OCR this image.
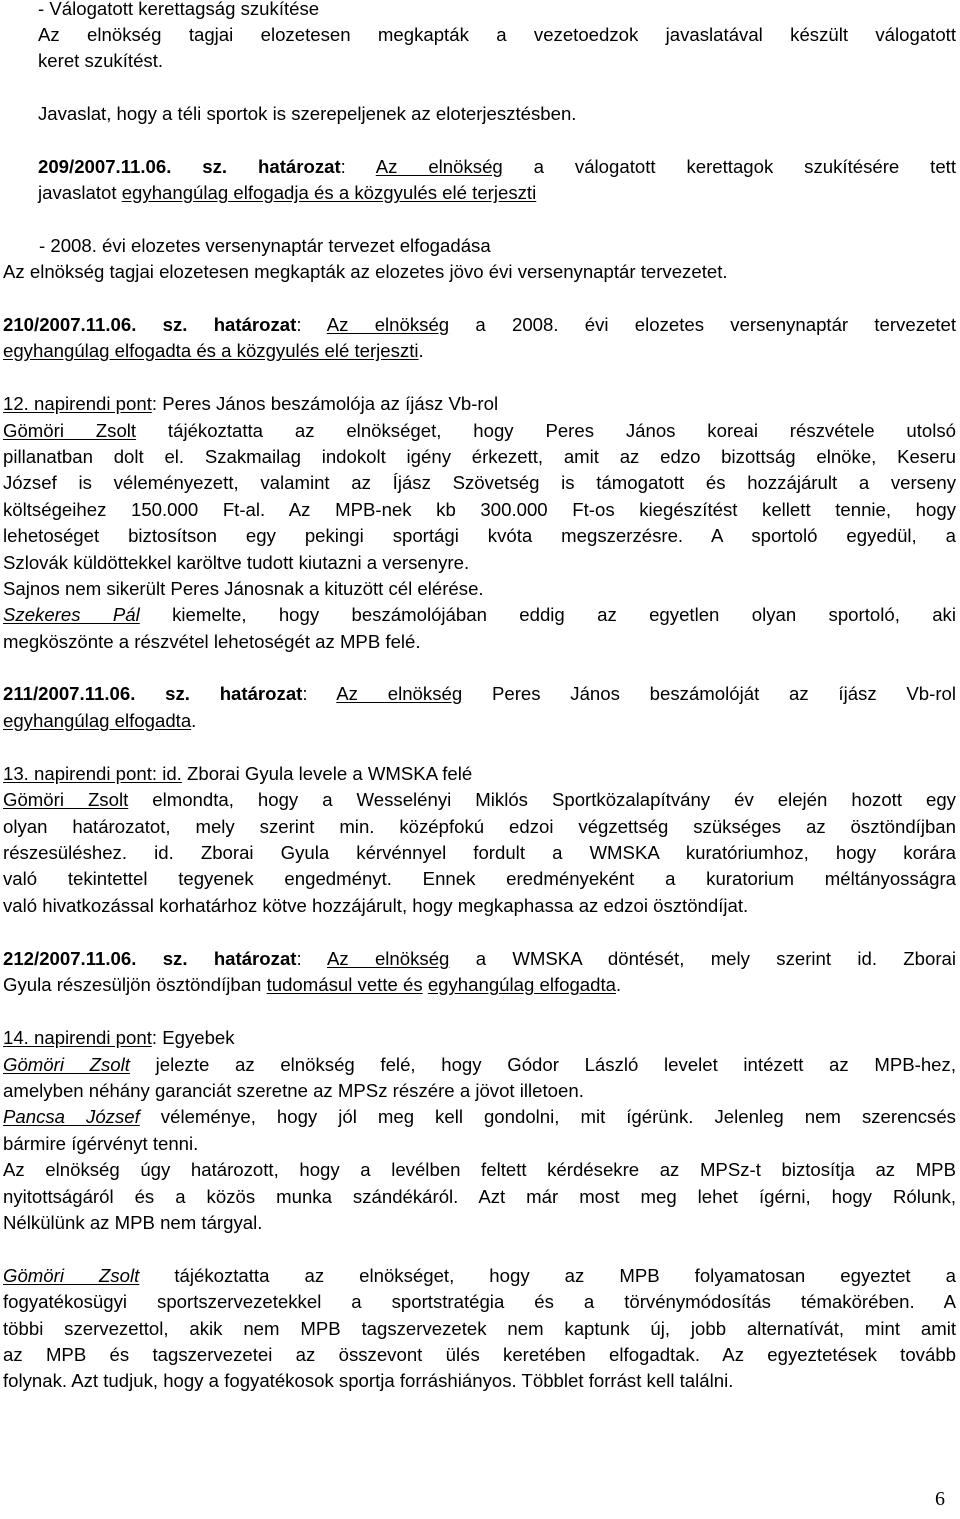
- Válogatott kerettagság szukítése
Az elnökség tagjai elozetesen megkapták a vezetoedzok javaslatával készült válogatott
keret szukítést.
Javaslat, hogy a téli sportok is szerepeljenek az eloterjesztésben.
209/2007.11.06. sz. határozat: Az elnökség a válogatott kerettagok szukítésére tett
javaslatot egyhangúlag elfogadja és a közgyulés elé terjeszti
- 2008. évi elozetes versenynaptár tervezet elfogadása
Az elnökség tagjai elozetesen megkapták az elozetes jövo évi versenynaptár tervezetet.
210/2007.11.06. sz. határozat: Az elnökség a 2008. évi elozetes versenynaptár tervezetet
egyhangúlag elfogadta és a közgyulés elé terjeszti.
12. napirendi pont: Peres János beszámolója az íjász Vb-rol
Gömöri Zsolt tájékoztatta az elnökséget, hogy Peres János koreai részvétele utolsó
pillanatban dolt el. Szakmailag indokolt igény érkezett, amit az edzo bizottság elnöke, Keseru
József is véleményezett, valamint az Íjász Szövetség is támogatott és hozzájárult a verseny
költségeihez 150.000 Ft-al. Az MPB-nek kb 300.000 Ft-os kiegészítést kellett tennie, hogy
lehetoséget biztosítson egy pekingi sportági kvóta megszerzésre. A sportoló egyedül, a
Szlovák küldöttekkel karöltve tudott kiutazni a versenyre.
Sajnos nem sikerült Peres Jánosnak a kituzött cél elérése.
Szekeres Pál kiemelte, hogy beszámolójában eddig az egyetlen olyan sportoló, aki
megköszönte a részvétel lehetoségét az MPB felé.
211/2007.11.06. sz. határozat: Az elnökség Peres János beszámolóját az íjász Vb-rol
egyhangúlag elfogadta.
13. napirendi pont: id. Zborai Gyula levele a WMSKA felé
Gömöri Zsolt elmondta, hogy a Wesselényi Miklós Sportközalapítvány év elején hozott egy
olyan határozatot, mely szerint min. középfokú edzoi végzettség szükséges az ösztöndíjban
részesüléshez. id. Zborai Gyula kérvénnyel fordult a WMSKA kuratóriumhoz, hogy korára
való tekintettel tegyenek engedményt. Ennek eredményeként a kuratorium méltányosságra
való hivatkozással korhatárhoz kötve hozzájárult, hogy megkaphassa az edzoi ösztöndíjat.
212/2007.11.06. sz. határozat: Az elnökség a WMSKA döntését, mely szerint id. Zborai
Gyula részesüljön ösztöndíjban tudomásul vette és egyhangúlag elfogadta.
14. napirendi pont: Egyebek
Gömöri Zsolt jelezte az elnökség felé, hogy Gódor László levelet intézett az MPB-hez,
amelyben néhány garanciát szeretne az MPSz részére a jövot illetoen.
Pancsa József véleménye, hogy jól meg kell gondolni, mit ígérünk. Jelenleg nem szerencsés
bármire ígérvényt tenni.
Az elnökség úgy határozott, hogy a levélben feltett kérdésekre az MPSz-t biztosítja az MPB
nyitottságáról és a közös munka szándékáról. Azt már most meg lehet ígérni, hogy Rólunk,
Nélkülünk az MPB nem tárgyal.
Gömöri Zsolt tájékoztatta az elnökséget, hogy az MPB folyamatosan egyeztet a
fogyatékosügyi sportszervezetekkel a sportstratégia és a törvénymódosítás témakörében. A
többi szervezettol, akik nem MPB tagszervezetek nem kaptunk új, jobb alternatívát, mint amit
az MPB és tagszervezetei az összevont ülés keretében elfogadtak. Az egyeztetések tovább
folynak. Azt tudjuk, hogy a fogyatékosok sportja forráshiányos. Többlet forrást kell találni.
6
